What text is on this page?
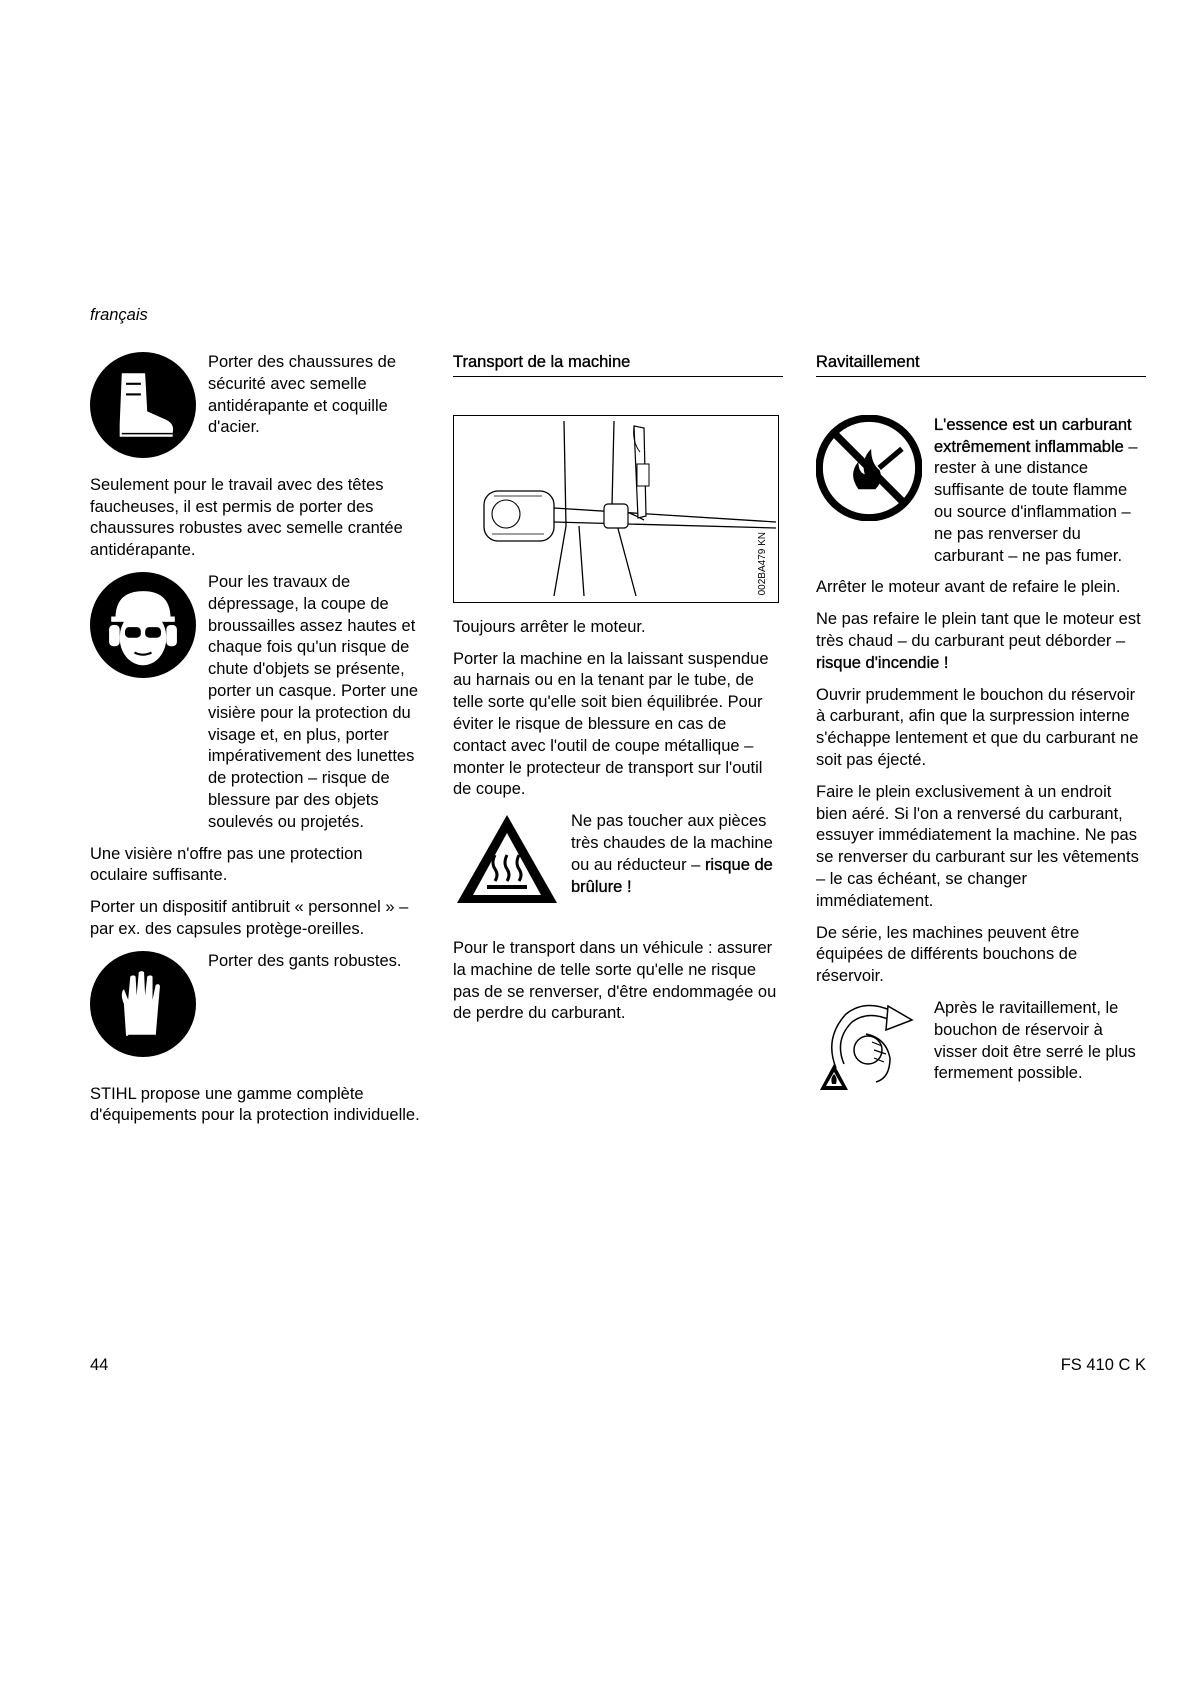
français
Porter des chaussures de sécurité avec semelle antidérapante et coquille d'acier.

Seulement pour le travail avec des têtes faucheuses, il est permis de porter des chaussures robustes avec semelle crantée antidérapante.

Pour les travaux de dépressage, la coupe de broussailles assez hautes et chaque fois qu'un risque de chute d'objets se présente, porter un casque. Porter une visière pour la protection du visage et, en plus, porter impérativement des lunettes de protection – risque de blessure par des objets soulevés ou projetés.

Une visière n'offre pas une protection oculaire suffisante.

Porter un dispositif antibruit « personnel » – par ex. des capsules protège-oreilles.

Porter des gants robustes.

STIHL propose une gamme complète d'équipements pour la protection individuelle.

Transport de la machine
002BA479 KN

Toujours arrêter le moteur.

Porter la machine en la laissant suspendue au harnais ou en la tenant par le tube, de telle sorte qu'elle soit bien équilibrée. Pour éviter le risque de blessure en cas de contact avec l'outil de coupe métallique – monter le protecteur de transport sur l'outil de coupe.

Ne pas toucher aux pièces très chaudes de la machine ou au réducteur – risque de brûlure !

Pour le transport dans un véhicule : assurer la machine de telle sorte qu'elle ne risque pas de se renverser, d'être endommagée ou de perdre du carburant.

Ravitaillement
L'essence est un carburant extrêmement inflammable – rester à une distance suffisante de toute flamme ou source d'inflammation – ne pas renverser du carburant – ne pas fumer.

Arrêter le moteur avant de refaire le plein.

Ne pas refaire le plein tant que le moteur est très chaud – du carburant peut déborder – risque d'incendie !

Ouvrir prudemment le bouchon du réservoir à carburant, afin que la surpression interne s'échappe lentement et que du carburant ne soit pas éjecté.

Faire le plein exclusivement à un endroit bien aéré. Si l'on a renversé du carburant, essuyer immédiatement la machine. Ne pas se renverser du carburant sur les vêtements – le cas échéant, se changer immédiatement.

De série, les machines peuvent être équipées de différents bouchons de réservoir.

Après le ravitaillement, le bouchon de réservoir à visser doit être serré le plus fermement possible.
44	FS 410 C K
